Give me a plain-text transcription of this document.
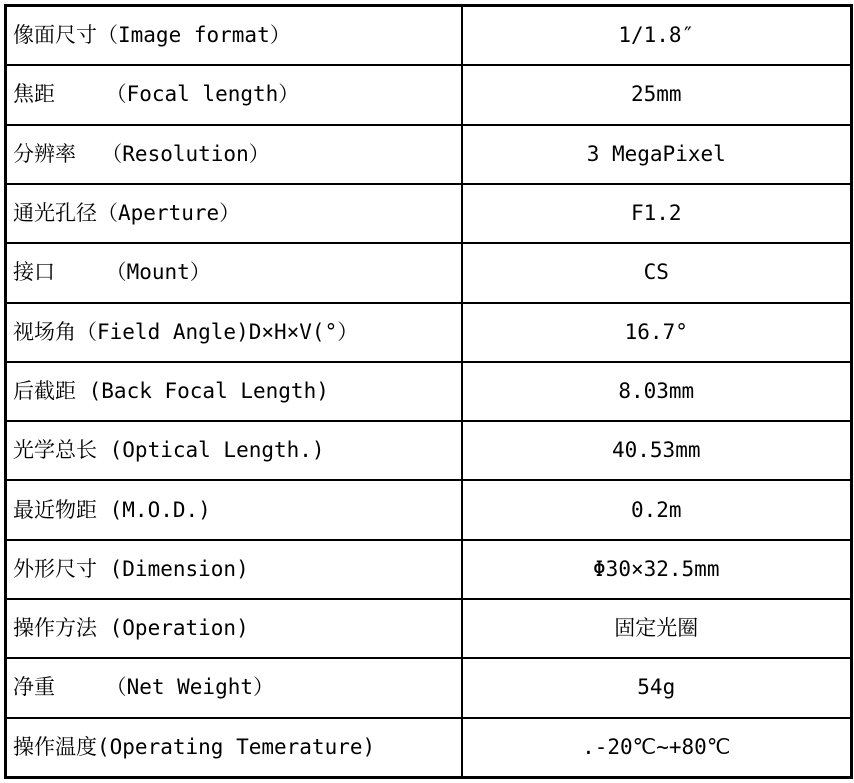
像面尺寸（Image format）	1/1.8″
焦距    （Focal length）	25mm
分辨率  （Resolution）	3 MegaPixel
通光孔径（Aperture）	F1.2
接口    （Mount）	CS
视场角（Field Angle)D×H×V(°）	16.7°
后截距 (Back Focal Length)	8.03mm
光学总长 (Optical Length.)	40.53mm
最近物距 (M.O.D.)	0.2m
外形尺寸 (Dimension)	Φ30×32.5mm
操作方法 (Operation)	固定光圈
净重    （Net Weight）	54g
操作温度(Operating Temerature)	.-20℃~+80℃
